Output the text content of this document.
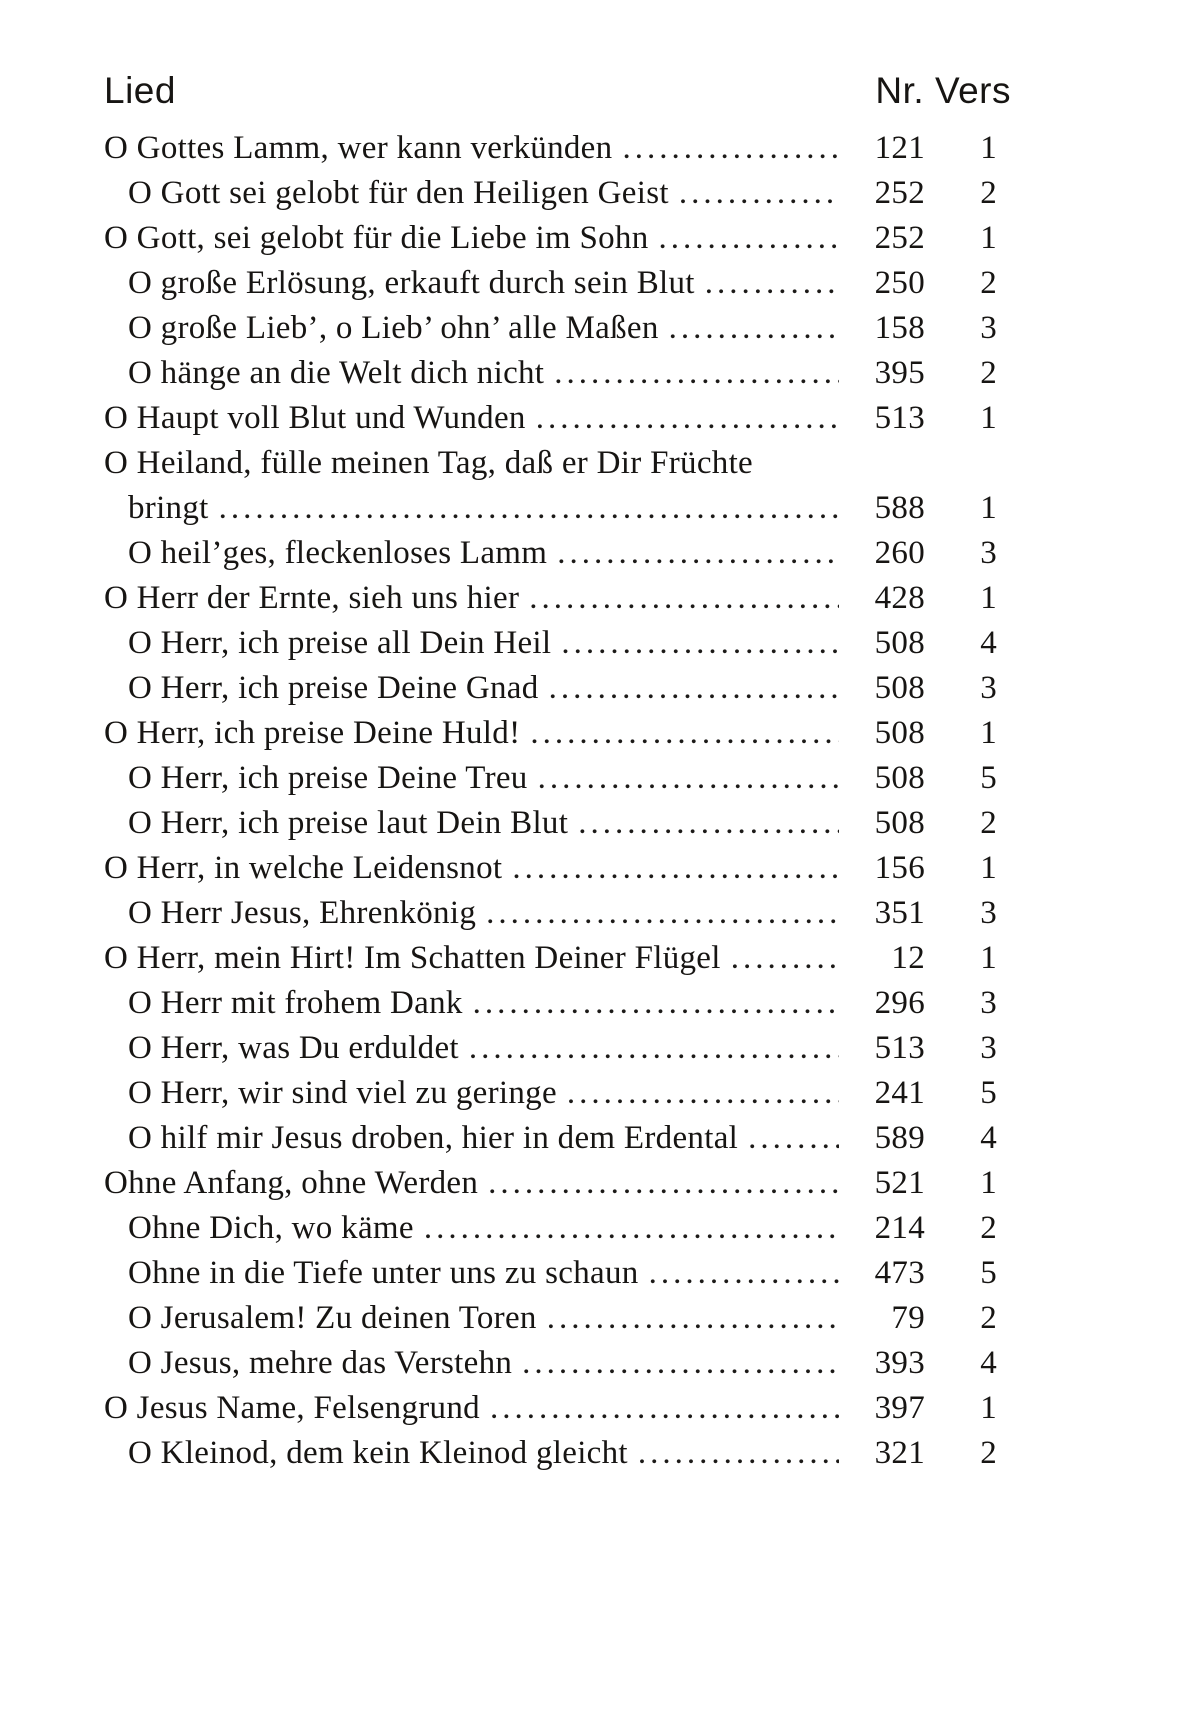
Lied	Nr. Vers
O Gottes Lamm, wer kann verkünden .....	121	1
O Gott sei gelobt für den Heiligen Geist .....	252	2
O Gott, sei gelobt für die Liebe im Sohn .....	252	1
O große Erlösung, erkauft durch sein Blut .....	250	2
O große Lieb’, o Lieb’ ohn’ alle Maßen .....	158	3
O hänge an die Welt dich nicht .....	395	2
O Haupt voll Blut und Wunden .....	513	1
O Heiland, fülle meinen Tag, daß er Dir Früchte
bringt .....	588	1
O heil’ges, fleckenloses Lamm .....	260	3
O Herr der Ernte, sieh uns hier .....	428	1
O Herr, ich preise all Dein Heil .....	508	4
O Herr, ich preise Deine Gnad .....	508	3
O Herr, ich preise Deine Huld! .....	508	1
O Herr, ich preise Deine Treu .....	508	5
O Herr, ich preise laut Dein Blut .....	508	2
O Herr, in welche Leidensnot .....	156	1
O Herr Jesus, Ehrenkönig .....	351	3
O Herr, mein Hirt! Im Schatten Deiner Flügel .....	12	1
O Herr mit frohem Dank .....	296	3
O Herr, was Du erduldet .....	513	3
O Herr, wir sind viel zu geringe .....	241	5
O hilf mir Jesus droben, hier in dem Erdental .....	589	4
Ohne Anfang, ohne Werden .....	521	1
Ohne Dich, wo käme .....	214	2
Ohne in die Tiefe unter uns zu schaun .....	473	5
O Jerusalem! Zu deinen Toren .....	79	2
O Jesus, mehre das Verstehn .....	393	4
O Jesus Name, Felsengrund .....	397	1
O Kleinod, dem kein Kleinod gleicht .....	321	2
